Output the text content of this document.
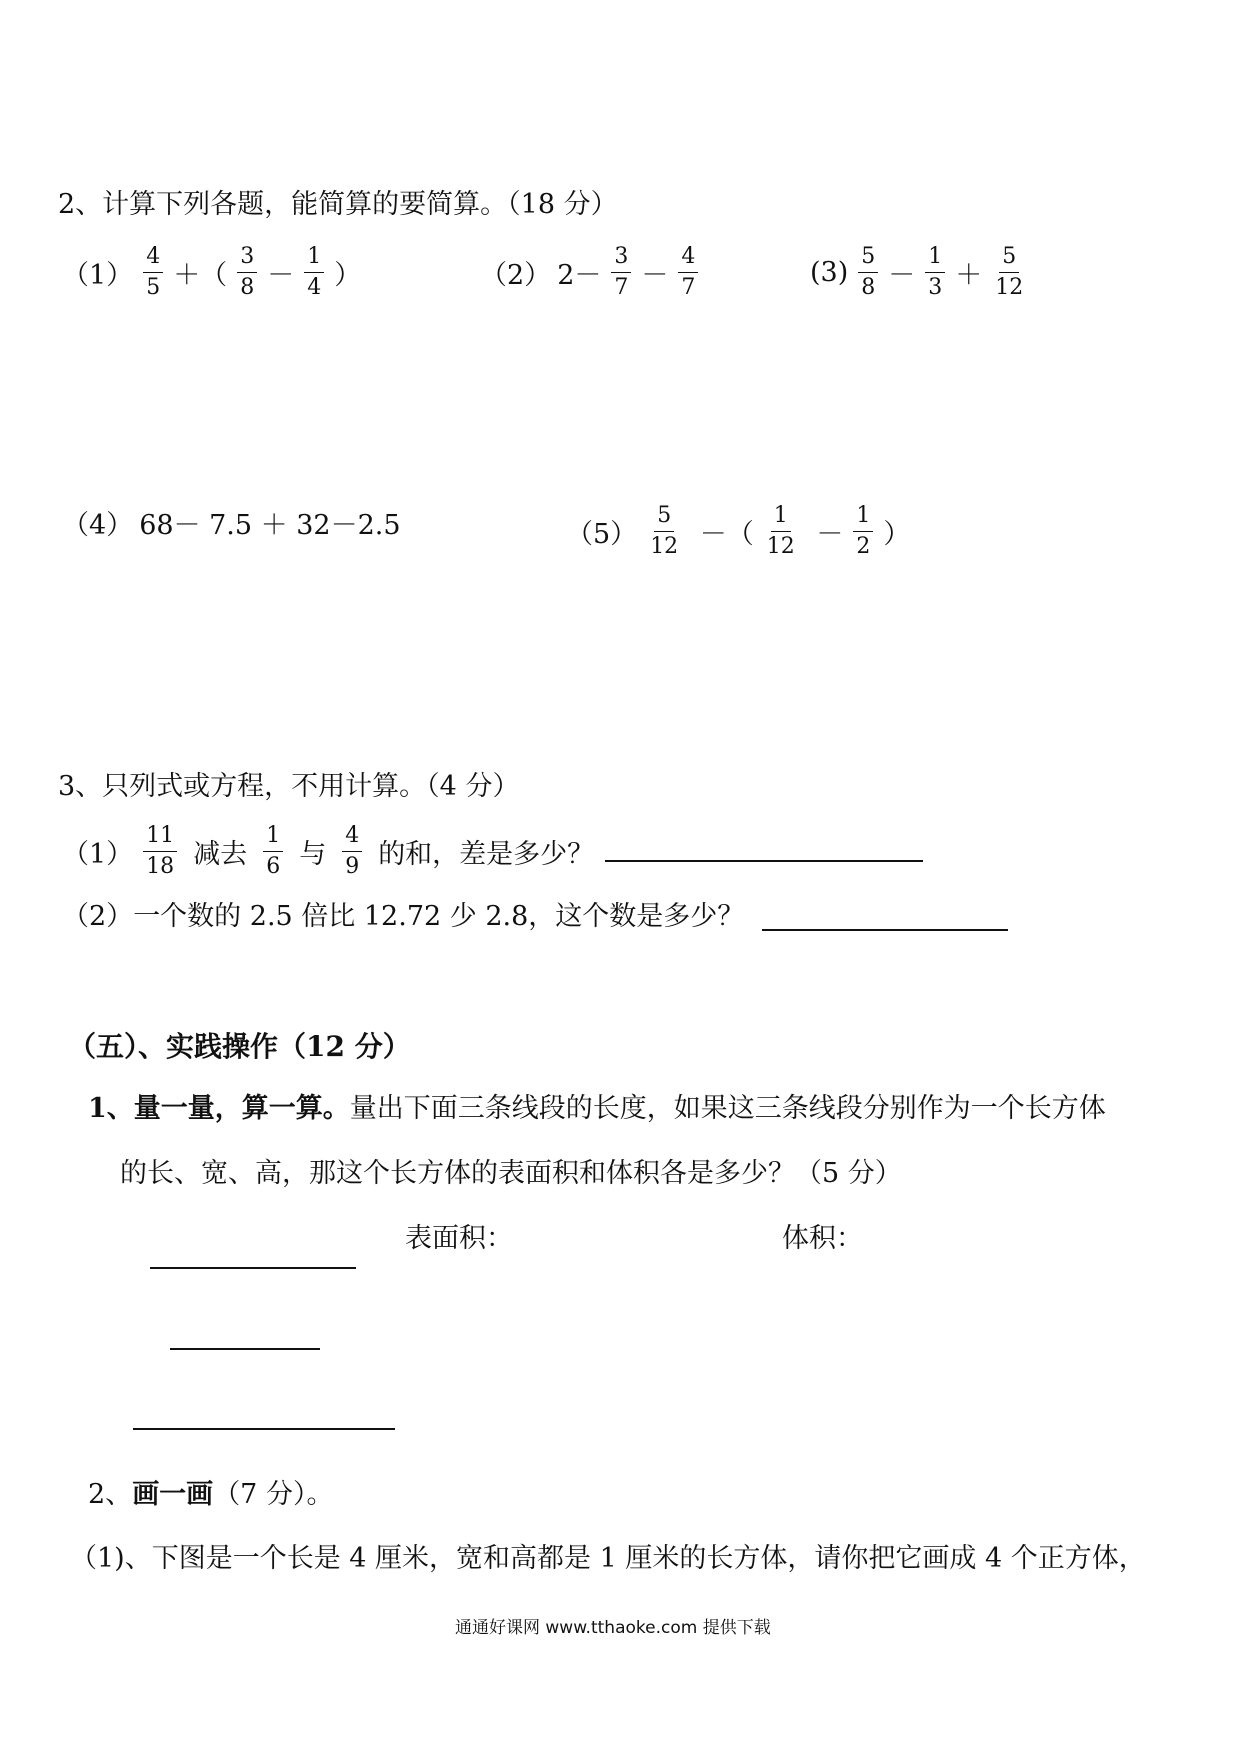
2、计算下列各题，能简算的要简算。（18 分）
$(1) \frac{4}{5}$ ＋（ $\frac{3}{8} - \frac{1}{4}$ ）	（2） $2- \frac{3}{7} - \frac{4}{7}$	$(3) \frac{5}{8} - \frac{1}{3} + \frac{5}{12}$
（4） 68－ 7.5 ＋ 32－2.5	$(5) \frac{5}{12}$ －（ $\frac{1}{12} - \frac{1}{2}$ ）
3、只列式或方程，不用计算。（4 分）
$(1) \frac{11}{18}$ 减去 $\frac{1}{6}$ 与 $\frac{4}{9}$ 的和，差是多少？
（2）一个数的 2.5 倍比 12.72 少 2.8，这个数是多少？
（五）、实践操作（12 分）
1、量一量，算一算。量出下面三条线段的长度，如果这三条线段分别作为一个长方体
的长、宽、高，那这个长方体的表面积和体积各是多少？（5 分）
表面积：	体积：
2、画一画（7 分）。
（1)、下图是一个长是 4 厘米，宽和高都是 1 厘米的长方体，请你把它画成 4 个正方体，
通通好课网 www.tthaoke.com 提供下载
